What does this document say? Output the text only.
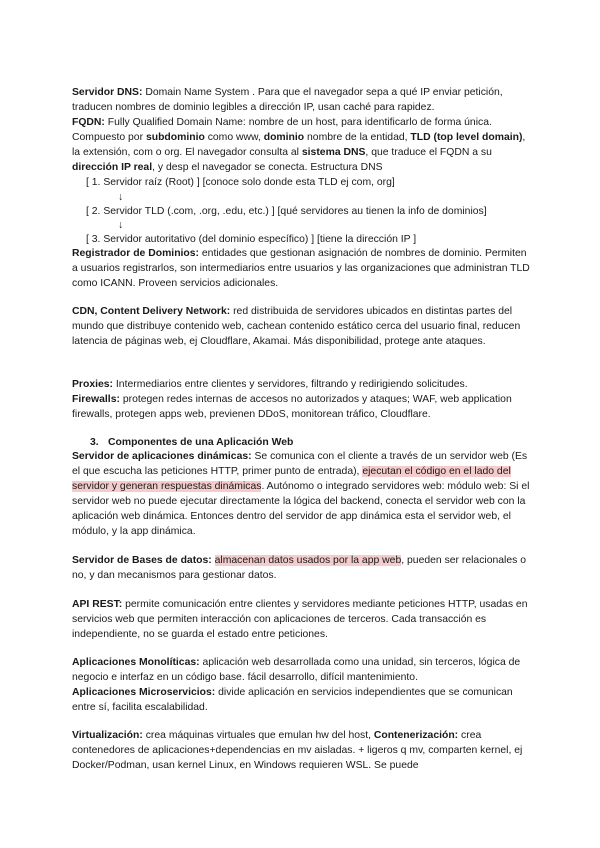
Servidor DNS: Domain Name System . Para que el navegador sepa a qué IP enviar petición, traducen nombres de dominio legibles a dirección IP, usan caché para rapidez.

FQDN: Fully Qualified Domain Name: nombre de un host, para identificarlo de forma única. Compuesto por subdominio como www, dominio nombre de la entidad, TLD (top level domain), la extensión, com o org. El navegador consulta al sistema DNS, que traduce el FQDN a su dirección IP real, y desp el navegador se conecta. Estructura DNS

[ 1. Servidor raíz (Root) ] [conoce solo donde esta TLD ej com, org]

↓

[ 2. Servidor TLD (.com, .org, .edu, etc.) ] [qué servidores au tienen la info de dominios]

↓

[ 3. Servidor autoritativo (del dominio específico) ] [tiene la dirección IP ]

Registrador de Dominios: entidades que gestionan asignación de nombres de dominio. Permiten a usuarios registrarlos, son intermediarios entre usuarios y las organizaciones que administran TLD como ICANN. Proveen servicios adicionales.

CDN, Content Delivery Network: red distribuida de servidores ubicados en distintas partes del mundo que distribuye contenido web, cachean contenido estático cerca del usuario final, reducen latencia de páginas web, ej Cloudflare, Akamai. Más disponibilidad, protege ante ataques.

Proxies: Intermediarios entre clientes y servidores, filtrando y redirigiendo solicitudes.

Firewalls: protegen redes internas de accesos no autorizados y ataques; WAF, web application firewalls, protegen apps web, previenen DDoS, monitorean tráfico, Cloudflare.

3. Componentes de una Aplicación Web

Servidor de aplicaciones dinámicas: Se comunica con el cliente a través de un servidor web (Es el que escucha las peticiones HTTP, primer punto de entrada), ejecutan el código en el lado del servidor y generan respuestas dinámicas. Autónomo o integrado servidores web: módulo web: Si el servidor web no puede ejecutar directamente la lógica del backend, conecta el servidor web con la aplicación web dinámica. Entonces dentro del servidor de app dinámica esta el servidor web, el módulo, y la app dinámica.

Servidor de Bases de datos: almacenan datos usados por la app web, pueden ser relacionales o no, y dan mecanismos para gestionar datos.

API REST: permite comunicación entre clientes y servidores mediante peticiones HTTP, usadas en servicios web que permiten interacción con aplicaciones de terceros. Cada transacción es independiente, no se guarda el estado entre peticiones.

Aplicaciones Monolíticas: aplicación web desarrollada como una unidad, sin terceros, lógica de negocio e interfaz en un código base. fácil desarrollo, difícil mantenimiento.

Aplicaciones Microservicios: divide aplicación en servicios independientes que se comunican entre sí, facilita escalabilidad.

Virtualización: crea máquinas virtuales que emulan hw del host, Contenerización: crea contenedores de aplicaciones+dependencias en mv aisladas. + ligeros q mv, comparten kernel, ej Docker/Podman, usan kernel Linux, en Windows requieren WSL. Se puede
